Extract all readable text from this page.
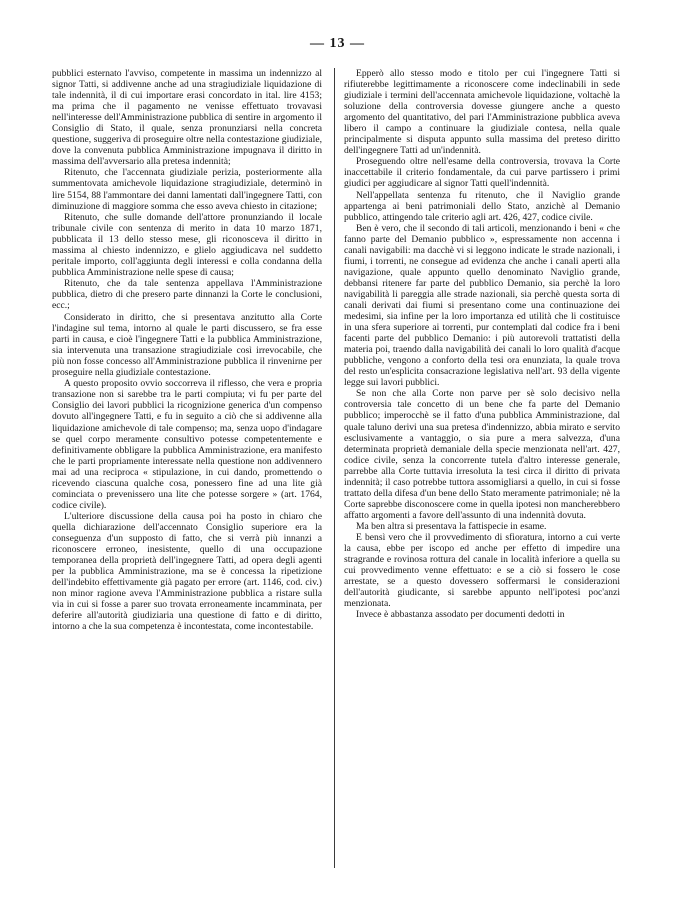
— 13 —

pubblici esternato l'avviso, competente in massima un indennizzo al signor Tatti, si addivenne anche ad una stragiudiziale liquidazione di tale indennità, il di cui importare erasi concordato in ital. lire 4153; ma prima che il pagamento ne venisse effettuato trovavasi nell'interesse dell'Amministrazione pubblica di sentire in argomento il Consiglio di Stato, il quale, senza pronunziarsi nella concreta questione, suggeriva di proseguire oltre nella contestazione giudiziale, dove la convenuta pubblica Amministrazione impugnava il diritto in massima dell'avversario alla pretesa indennità;

Ritenuto, che l'accennata giudiziale perizia, posteriormente alla summentovata amichevole liquidazione stragiudiziale, determinò in lire 5154, 88 l'ammontare dei danni lamentati dall'ingegnere Tatti, con diminuzione di maggiore somma che esso aveva chiesto in citazione;

Ritenuto, che sulle domande dell'attore pronunziando il locale tribunale civile con sentenza di merito in data 10 marzo 1871, pubblicata il 13 dello stesso mese, gli riconosceva il diritto in massima al chiesto indennizzo, e glielo aggiudicava nel suddetto peritale importo, coll'aggiunta degli interessi e colla condanna della pubblica Amministrazione nelle spese di causa;

Ritenuto, che da tale sentenza appellava l'Amministrazione pubblica, dietro di che presero parte dinnanzi la Corte le conclusioni, ecc.;

Considerato in diritto, che si presentava anzitutto alla Corte l'indagine sul tema, intorno al quale le parti discussero, se fra esse parti in causa, e cioè l'ingegnere Tatti e la pubblica Amministrazione, sia intervenuta una transazione stragiudiziale così irrevocabile, che più non fosse concesso all'Amministrazione pubblica il rinvenirne per proseguire nella giudiziale contestazione.

A questo proposito ovvio soccorreva il riflesso, che vera e propria transazione non si sarebbe tra le parti compiuta; vi fu per parte del Consiglio dei lavori pubblici la ricognizione generica d'un compenso dovuto all'ingegnere Tatti, e fu in seguito a ciò che si addivenne alla liquidazione amichevole di tale compenso; ma, senza uopo d'indagare se quel corpo meramente consultivo potesse competentemente e definitivamente obbligare la pubblica Amministrazione, era manifesto che le parti propriamente interessate nella questione non addivennero mai ad una reciproca « stipulazione, in cui dando, promettendo o ricevendo ciascuna qualche cosa, ponessero fine ad una lite già cominciata o prevenissero una lite che potesse sorgere » (art. 1764, codice civile).

L'ulteriore discussione della causa poi ha posto in chiaro che quella dichiarazione dell'accennato Consiglio superiore era la conseguenza d'un supposto di fatto, che si verrà più innanzi a riconoscere erroneo, inesistente, quello di una occupazione temporanea della proprietà dell'ingegnere Tatti, ad opera degli agenti per la pubblica Amministrazione, ma se è concessa la ripetizione dell'indebito effettivamente già pagato per errore (art. 1146, cod. civ.) non minor ragione aveva l'Amministrazione pubblica a ristare sulla via in cui si fosse a parer suo trovata erroneamente incamminata, per deferire all'autorità giudiziaria una questione di fatto e di diritto, intorno a che la sua competenza è incontestata, come incontestabile.

Epperò allo stesso modo e titolo per cui l'ingegnere Tatti si rifiuterebbe legittimamente a riconoscere come indeclinabili in sede giudiziale i termini dell'accennata amichevole liquidazione, voltachè la soluzione della controversia dovesse giungere anche a questo argomento del quantitativo, del pari l'Amministrazione pubblica aveva libero il campo a continuare la giudiziale contesa, nella quale principalmente si disputa appunto sulla massima del preteso diritto dell'ingegnere Tatti ad un'indennità.

Proseguendo oltre nell'esame della controversia, trovava la Corte inaccettabile il criterio fondamentale, da cui parve partissero i primi giudici per aggiudicare al signor Tatti quell'indennità.

Nell'appellata sentenza fu ritenuto, che il Naviglio grande appartenga ai beni patrimoniali dello Stato, anzichè al Demanio pubblico, attingendo tale criterio agli art. 426, 427, codice civile.

Ben è vero, che il secondo di tali articoli, menzionando i beni « che fanno parte del Demanio pubblico », espressamente non accenna i canali navigabili: ma dacchè vi si leggono indicate le strade nazionali, i fiumi, i torrenti, ne consegue ad evidenza che anche i canali aperti alla navigazione, quale appunto quello denominato Naviglio grande, debbansi ritenere far parte del pubblico Demanio, sia perchè la loro navigabilità li pareggia alle strade nazionali, sia perchè questa sorta di canali derivati dai fiumi si presentano come una continuazione dei medesimi, sia infine per la loro importanza ed utilità che li costituisce in una sfera superiore ai torrenti, pur contemplati dal codice fra i beni facenti parte del pubblico Demanio: i più autorevoli trattatisti della materia poi, traendo dalla navigabilità dei canali lo loro qualità d'acque pubbliche, vengono a conforto della tesi ora enunziata, la quale trova del resto un'esplicita consacrazione legislativa nell'art. 93 della vigente legge sui lavori pubblici.

Se non che alla Corte non parve per sè solo decisivo nella controversia tale concetto di un bene che fa parte del Demanio pubblico; imperocchè se il fatto d'una pubblica Amministrazione, dal quale taluno derivi una sua pretesa d'indennizzo, abbia mirato e servito esclusivamente a vantaggio, o sia pure a mera salvezza, d'una determinata proprietà demaniale della specie menzionata nell'art. 427, codice civile, senza la concorrente tutela d'altro interesse generale, parrebbe alla Corte tuttavia irresoluta la tesi circa il diritto di privata indennità; il caso potrebbe tuttora assomigliarsi a quello, in cui si fosse trattato della difesa d'un bene dello Stato meramente patrimoniale; nè la Corte saprebbe disconoscere come in quella ipotesi non mancherebbero affatto argomenti a favore dell'assunto di una indennità dovuta.

Ma ben altra si presentava la fattispecie in esame.

E bensì vero che il provvedimento di sfioratura, intorno a cui verte la causa, ebbe per iscopo ed anche per effetto di impedire una stragrande e rovinosa rottura del canale in località inferiore a quella su cui provvedimento venne effettuato: e se a ciò si fossero le cose arrestate, se a questo dovessero soffermarsi le considerazioni dell'autorità giudicante, si sarebbe appunto nell'ipotesi poc'anzi menzionata.

Invece è abbastanza assodato per documenti dedotti in
